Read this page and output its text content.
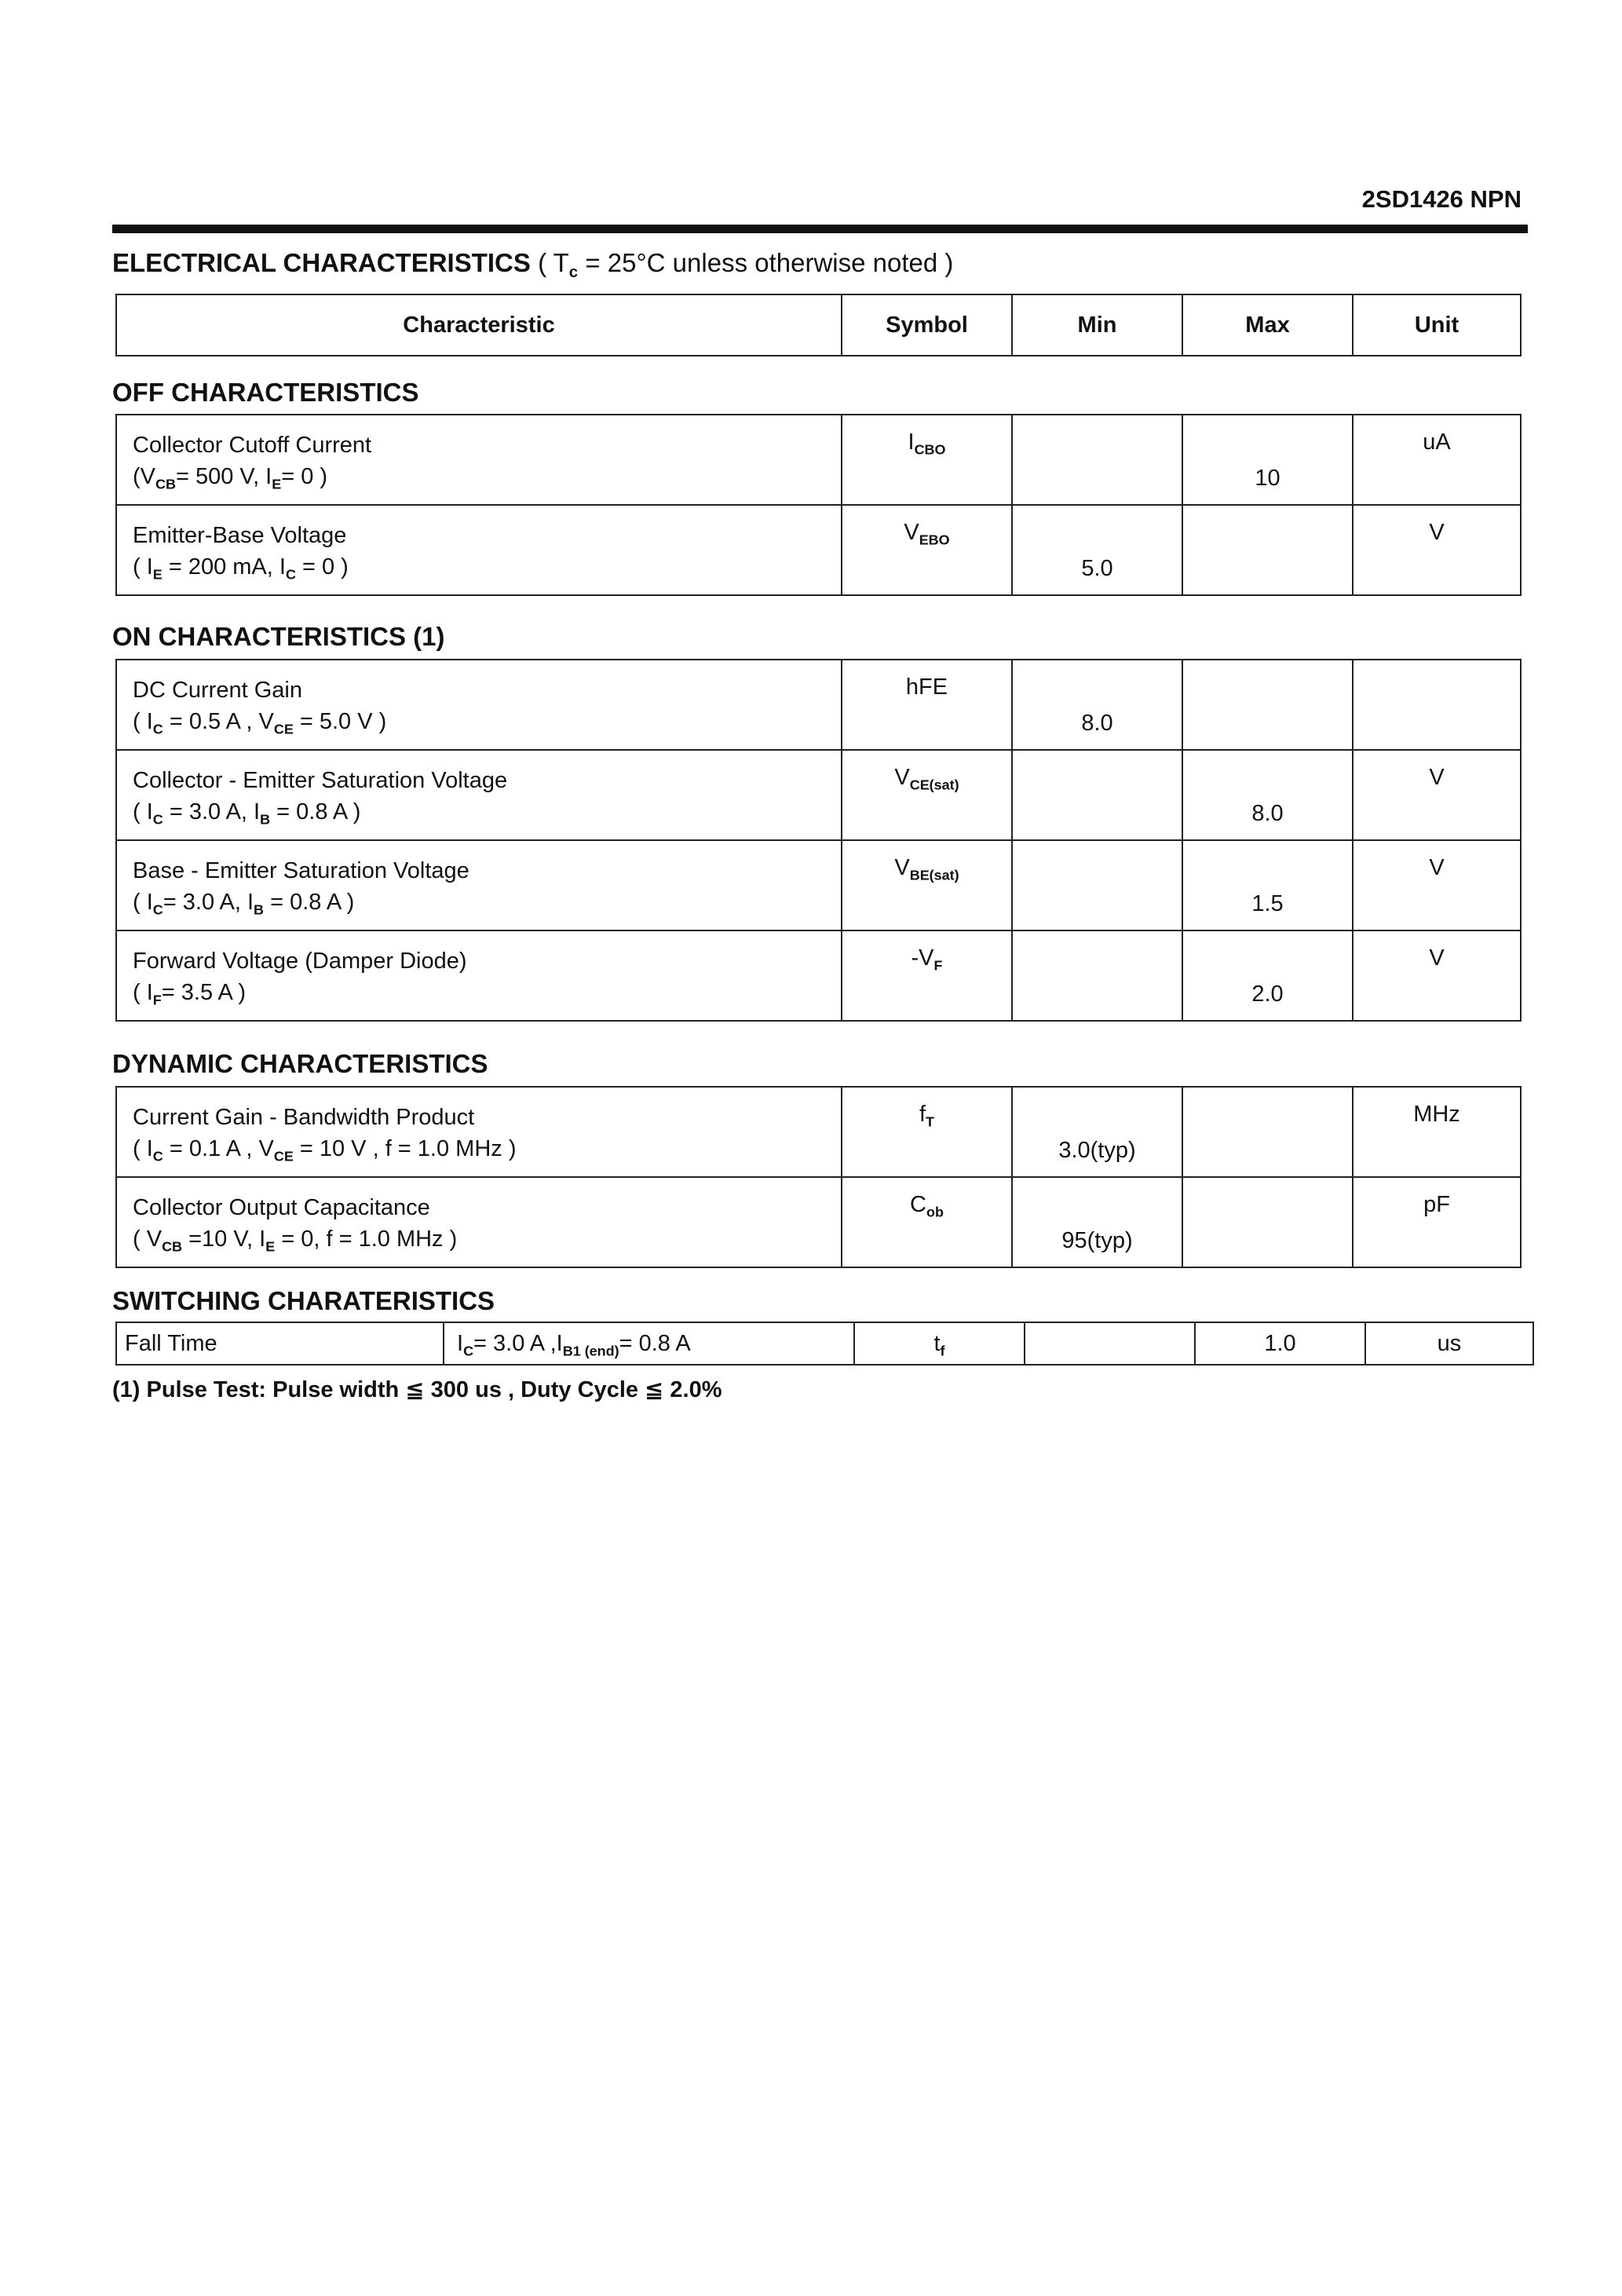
2SD1426 NPN
ELECTRICAL CHARACTERISTICS ( $T_c = 25^\circ C$ unless otherwise noted )
Characteristic	Symbol	Min	Max	Unit
OFF CHARACTERISTICS
Collector Cutoff Current
($V_{CB}= 500$ V, $I_E= 0$ )	$I_{CBO}$		10	uA

Emitter-Base Voltage
( $I_E = 200$ mA, $I_C = 0$ )	$V_{EBO}$	5.0		V
ON CHARACTERISTICS (1)
DC Current Gain
( $I_C = 0.5$ A , $V_{CE} = 5.0$ V )	hFE	8.0		

Collector - Emitter Saturation Voltage
( $I_C = 3.0$ A, $I_B = 0.8$ A )	$V_{CE(sat)}$		8.0	V

Base - Emitter Saturation Voltage
( $I_C= 3.0$ A, $I_B = 0.8$ A )	$V_{BE(sat)}$		1.5	V

Forward Voltage (Damper Diode)
( $I_F= 3.5$ A )	$-V_F$		2.0	V
DYNAMIC CHARACTERISTICS
Current Gain - Bandwidth Product
( $I_C = 0.1$ A , $V_{CE} = 10$ V , f = 1.0 MHz )	$f_T$	3.0(typ)		MHz

Collector Output Capacitance
( $V_{CB} =10$ V, $I_E = 0$, f = 1.0 MHz )	$C_{ob}$	95(typ)		pF
SWITCHING CHARATERISTICS
Fall Time	$I_C= 3.0$ A $,I_{B1 (end)}= 0.8$ A	$t_f$		1.0	us
(1) Pulse Test: Pulse width ≦ 300 us , Duty Cycle ≦ 2.0%
